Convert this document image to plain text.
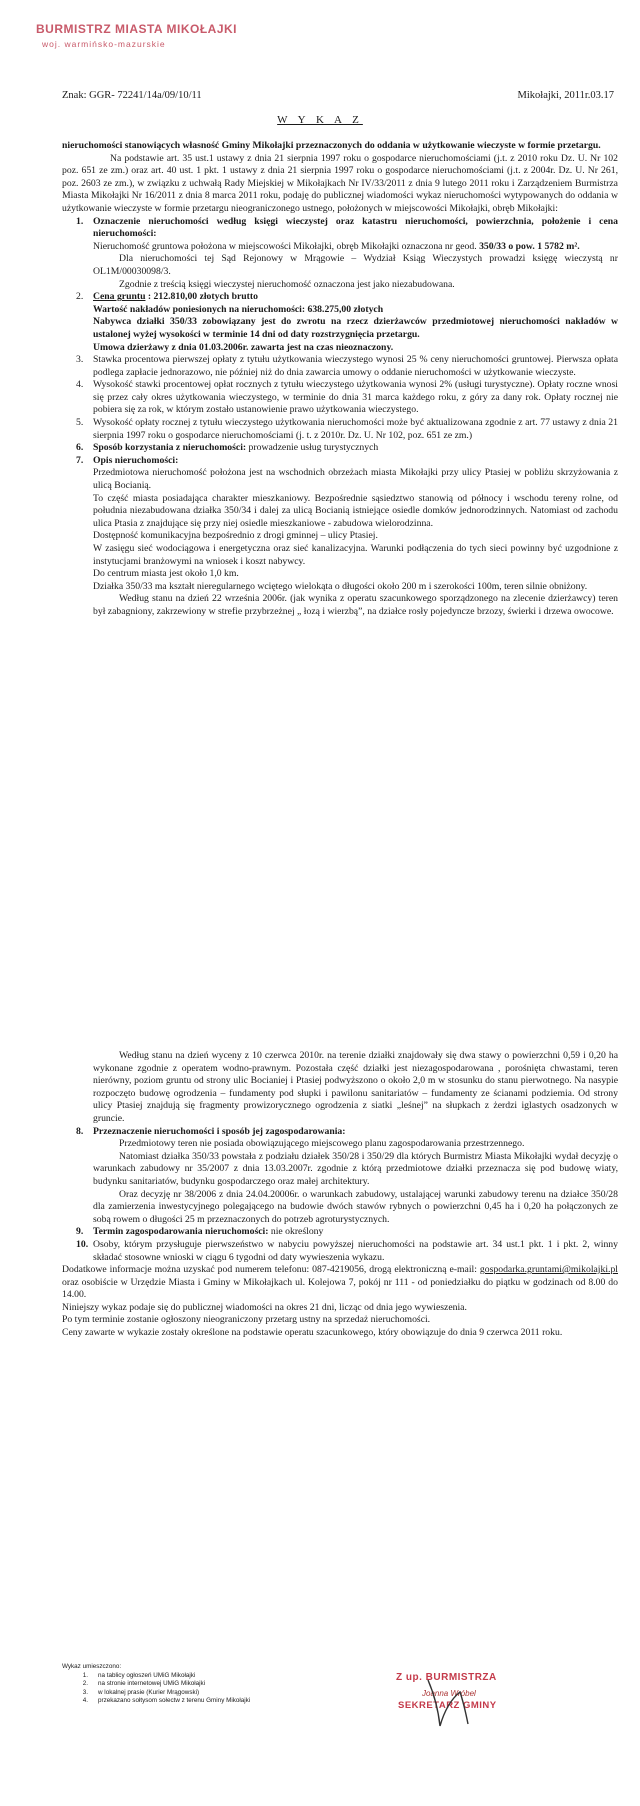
BURMISTRZ MIASTA MIKOŁAJKI
woj. warmińsko-mazurskie
Znak: GGR- 72241/14a/09/10/11	Mikołajki, 2011r.03.17
W Y K A Z

nieruchomości stanowiących własność Gminy Mikołajki przeznaczonych do oddania w użytkowanie wieczyste w formie przetargu.

Na podstawie art. 35 ust.1 ustawy z dnia 21 sierpnia 1997 roku o gospodarce nieruchomościami (j.t. z 2010 roku Dz. U. Nr 102 poz. 651 ze zm.) oraz art. 40 ust. 1 pkt. 1 ustawy z dnia 21 sierpnia 1997 roku o gospodarce nieruchomościami (j.t. z 2004r. Dz. U. Nr 261, poz. 2603 ze zm.), w związku z uchwałą Rady Miejskiej w Mikołajkach Nr IV/33/2011 z dnia 9 lutego 2011 roku i Zarządzeniem Burmistrza Miasta Mikołajki Nr 16/2011 z dnia 8 marca 2011 roku, podaję do publicznej wiadomości wykaz nieruchomości wytypowanych do oddania w użytkowanie wieczyste w formie przetargu nieograniczonego ustnego, położonych w miejscowości Mikołajki, obręb Mikołajki:

1. Oznaczenie nieruchomości według księgi wieczystej oraz katastru nieruchomości, powierzchnia, położenie i cena nieruchomości:

Nieruchomość gruntowa położona w miejscowości Mikołajki, obręb Mikołajki oznaczona nr geod. 350/33 o pow. 1 5782 m².

Dla nieruchomości tej Sąd Rejonowy w Mrągowie – Wydział Ksiąg Wieczystych prowadzi księgę wieczystą nr OL1M/00030098/3.

Zgodnie z treścią księgi wieczystej nieruchomość oznaczona jest jako niezabudowana.

2. Cena gruntu : 212.810,00 złotych brutto

Wartość nakładów poniesionych na nieruchomości: 638.275,00 złotych

Nabywca działki 350/33 zobowiązany jest do zwrotu na rzecz dzierżawców przedmiotowej nieruchomości nakładów w ustalonej wyżej wysokości w terminie 14 dni od daty rozstrzygnięcia przetargu.

Umowa dzierżawy z dnia 01.03.2006r. zawarta jest na czas nieoznaczony.

3. Stawka procentowa pierwszej opłaty z tytułu użytkowania wieczystego wynosi 25 % ceny nieruchomości gruntowej. Pierwsza opłata podlega zapłacie jednorazowo, nie później niż do dnia zawarcia umowy o oddanie nieruchomości w użytkowanie wieczyste.

4. Wysokość stawki procentowej opłat rocznych z tytułu wieczystego użytkowania wynosi 2% (usługi turystyczne). Opłaty roczne wnosi się przez cały okres użytkowania wieczystego, w terminie do dnia 31 marca każdego roku, z góry za dany rok. Opłaty rocznej nie pobiera się za rok, w którym zostało ustanowienie prawo użytkowania wieczystego.

5. Wysokość opłaty rocznej z tytułu wieczystego użytkowania nieruchomości może być aktualizowana zgodnie z art. 77 ustawy z dnia 21 sierpnia 1997 roku o gospodarce nieruchomościami (j. t. z 2010r. Dz. U. Nr 102, poz. 651 ze zm.)

6. Sposób korzystania z nieruchomości: prowadzenie usług turystycznych

7. Opis nieruchomości:

Przedmiotowa nieruchomość położona jest na wschodnich obrzeżach miasta Mikołajki przy ulicy Ptasiej w pobliżu skrzyżowania z ulicą Bocianią.

To część miasta posiadająca charakter mieszkaniowy. Bezpośrednie sąsiedztwo stanowią od północy i wschodu tereny rolne, od południa niezabudowana działka 350/34 i dalej za ulicą Bocianią istniejące osiedle domków jednorodzinnych. Natomiast od zachodu ulica Ptasia z znajdujące się przy niej osiedle mieszkaniowe - zabudowa wielorodzinna.

Dostępność komunikacyjna bezpośrednio z drogi gminnej – ulicy Ptasiej.

W zasięgu sieć wodociągowa i energetyczna oraz sieć kanalizacyjna. Warunki podłączenia do tych sieci powinny być uzgodnione z instytucjami branżowymi na wniosek i koszt nabywcy.

Do centrum miasta jest około 1,0 km.

Działka 350/33 ma kształt nieregularnego wciętego wielokąta o długości około 200 m i szerokości 100m, teren silnie obniżony.

Według stanu na dzień 22 września 2006r. (jak wynika z operatu szacunkowego sporządzonego na zlecenie dzierżawcy) teren był zabagniony, zakrzewiony w strefie przybrzeżnej „ łozą i wierzbą”, na działce rosły pojedyncze brzozy, świerki i drzewa owocowe.

Według stanu na dzień wyceny z 10 czerwca 2010r. na terenie działki znajdowały się dwa stawy o powierzchni 0,59 i 0,20 ha wykonane zgodnie z operatem wodno-prawnym. Pozostała część działki jest niezagospodarowana , porośnięta chwastami, teren nierówny, poziom gruntu od strony ulic Bocianiej i Ptasiej podwyższono o około 2,0 m w stosunku do stanu pierwotnego. Na nasypie rozpoczęto budowę ogrodzenia – fundamenty pod słupki i pawilonu sanitariatów – fundamenty ze ścianami podziemia. Od strony ulicy Ptasiej znajdują się fragmenty prowizorycznego ogrodzenia z siatki „leśnej” na słupkach z żerdzi iglastych osadzonych w gruncie.

8. Przeznaczenie nieruchomości i sposób jej zagospodarowania:

Przedmiotowy teren nie posiada obowiązującego miejscowego planu zagospodarowania przestrzennego.

Natomiast działka 350/33 powstała z podziału działek 350/28 i 350/29 dla których Burmistrz Miasta Mikołajki wydał decyzję o warunkach zabudowy nr 35/2007 z dnia 13.03.2007r. zgodnie z którą przedmiotowe działki przeznacza się pod budowę wiaty, budynku sanitariatów, budynku gospodarczego oraz małej architektury.

Oraz decyzję nr 38/2006 z dnia 24.04.20006r. o warunkach zabudowy, ustalającej warunki zabudowy terenu na działce 350/28 dla zamierzenia inwestycyjnego polegającego na budowie dwóch stawów rybnych o powierzchni 0,45 ha i 0,20 ha połączonych ze sobą rowem o długości 25 m przeznaczonych do potrzeb agroturystycznych.

9. Termin zagospodarowania nieruchomości: nie określony

10. Osoby, którym przysługuje pierwszeństwo w nabyciu powyższej nieruchomości na podstawie art. 34 ust.1 pkt. 1 i pkt. 2, winny składać stosowne wnioski w ciągu 6 tygodni od daty wywieszenia wykazu.

Dodatkowe informacje można uzyskać pod numerem telefonu: 087-4219056, drogą elektroniczną e-mail: gospodarka.gruntami@mikolajki.pl oraz osobiście w Urzędzie Miasta i Gminy w Mikołajkach ul. Kolejowa 7, pokój nr 111 - od poniedziałku do piątku w godzinach od 8.00 do 14.00.

Niniejszy wykaz podaje się do publicznej wiadomości na okres 21 dni, licząc od dnia jego wywieszenia.

Po tym terminie zostanie ogłoszony nieograniczony przetarg ustny na sprzedaż nieruchomości.

Ceny zawarte w wykazie zostały określone na podstawie operatu szacunkowego, który obowiązuje do dnia 9 czerwca 2011 roku.

Wykaz umieszczono:
1.	na tablicy ogłoszeń UMiG Mikołajki
2.	na stronie internetowej UMiG Mikołajki
3.	w lokalnej prasie (Kurier Mrągowski)
4.	przekazano sołtysom sołectw z terenu Gminy Mikołajki
Z up. BURMISTRZA
Joanna Wróbel
SEKRETARZ GMINY
